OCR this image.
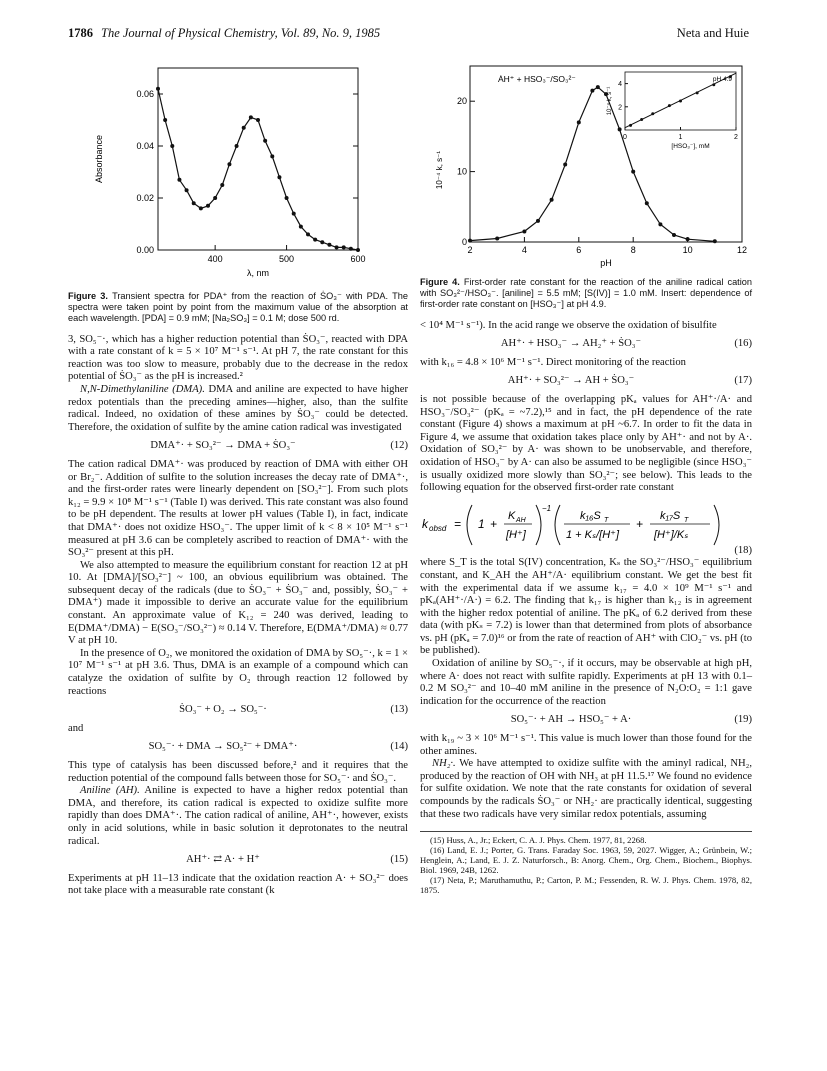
1786 The Journal of Physical Chemistry, Vol. 89, No. 9, 1985	Neta and Huie
400	500	600
0.00
0.02
0.04
0.06
λ, nm
Absorbance
Figure 3. Transient spectra for PDA⁺ from the reaction of ṠO₃⁻ with PDA. The spectra were taken point by point from the maximum value of the absorption at each wavelength. [PDA] = 0.9 mM; [Na₂SO₃] = 0.1 M; dose 500 rd.

3, SO₅⁻·, which has a higher reduction potential than ṠO₃⁻, reacted with DPA with a rate constant of k = 5 × 10⁷ M⁻¹ s⁻¹. At pH 7, the rate constant for this reaction was too slow to measure, probably due to the decrease in the redox potential of ṠO₃⁻ as the pH is increased.²

N,N-Dimethylaniline (DMA). DMA and aniline are expected to have higher redox potentials than the preceding amines—higher, also, than the sulfite radical. Indeed, no oxidation of these amines by ṠO₃⁻ could be detected. Therefore, the oxidation of sulfite by the amine cation radical was investigated

DMA⁺· + SO₃²⁻ → DMA + ṠO₃⁻	(12)

The cation radical DMA⁺· was produced by reaction of DMA with either OH or Br₂⁻. Addition of sulfite to the solution increases the decay rate of DMA⁺·, and the first-order rates were linearly dependent on [SO₃²⁻]. From such plots k₁₂ = 9.9 × 10⁸ M⁻¹ s⁻¹ (Table I) was derived. This rate constant was also found to be pH dependent. The results at lower pH values (Table I), in fact, indicate that DMA⁺· does not oxidize HSO₃⁻. The upper limit of k < 8 × 10⁵ M⁻¹ s⁻¹ measured at pH 3.6 can be completely ascribed to reaction of DMA⁺· with the SO₃²⁻ present at this pH.

We also attempted to measure the equilibrium constant for reaction 12 at pH 10. At [DMA]/[SO₃²⁻] ~ 100, an obvious equilibrium was obtained. The subsequent decay of the radicals (due to ṠO₃⁻ + ṠO₃⁻ and, possibly, ṠO₃⁻ + DMA⁺) made it impossible to derive an accurate value for the equilibrium constant. An approximate value of K₁₂ = 240 was derived, leading to E(DMA⁺/DMA) − E(SO₃⁻/SO₃²⁻) ≈ 0.14 V. Therefore, E(DMA⁺/DMA) ≈ 0.77 V at pH 10.

In the presence of O₂, we monitored the oxidation of DMA by SO₅⁻·, k = 1 × 10⁷ M⁻¹ s⁻¹ at pH 3.6. Thus, DMA is an example of a compound which can catalyze the oxidation of sulfite by O₂ through reaction 12 followed by reactions

ṠO₃⁻ + O₂ → SO₅⁻·	(13)

and

SO₅⁻· + DMA → SO₅²⁻ + DMA⁺·	(14)

This type of catalysis has been discussed before,² and it requires that the reduction potential of the compound falls between those for SO₅⁻· and ṠO₃⁻.

Aniline (AH). Aniline is expected to have a higher redox potential than DMA, and therefore, its cation radical is expected to oxidize sulfite more rapidly than does DMA⁺·. The cation radical of aniline, AH⁺·, however, exists only in acid solutions, while in basic solution it deprotonates to the neutral radical.

AH⁺· ⇄ A· + H⁺	(15)

Experiments at pH 11–13 indicate that the oxidation reaction A· + SO₃²⁻ does not take place with a measurable rate constant (k

2	4	6	8	10	12
0
10
20
pH
10⁻⁴ k, s⁻¹
ȦH⁺ + HSO₃⁻/SO₃²⁻
0	1	2
2
4
[HSO₃⁻], mM
10⁻⁴ k, s⁻¹
pH 4.9
Figure 4. First-order rate constant for the reaction of the aniline radical cation with SO₃²⁻/HSO₃⁻. [aniline] = 5.5 mM; [S(IV)] = 1.0 mM. Insert: dependence of first-order rate constant on [HSO₃⁻] at pH 4.9.

< 10⁴ M⁻¹ s⁻¹). In the acid range we observe the oxidation of bisulfite

AH⁺· + HSO₃⁻ → AH₂⁺ + ṠO₃⁻	(16)

with k₁₆ = 4.8 × 10⁶ M⁻¹ s⁻¹. Direct monitoring of the reaction

AH⁺· + SO₃²⁻ → AH + ṠO₃⁻	(17)

is not possible because of the overlapping pKₐ values for AH⁺·/A· and HSO₃⁻/SO₃²⁻ (pKₐ = ~7.2),¹⁵ and in fact, the pH dependence of the rate constant (Figure 4) shows a maximum at pH ~6.7. In order to fit the data in Figure 4, we assume that oxidation takes place only by AH⁺· and not by A·. Oxidation of SO₃²⁻ by A· was shown to be unobservable, and therefore, oxidation of HSO₃⁻ by A· can also be assumed to be negligible (since HSO₃⁻ is usually oxidized more slowly than SO₃²⁻; see below). This leads to the following equation for the observed first-order rate constant

k obsd = 1 +
K AH
[H⁺]
−1
k₁₆S T
1 + Kₛ/[H⁺]
+
k₁₇S T
[H⁺]/Kₛ
(18)

where S_T is the total S(IV) concentration, Kₛ the SO₃²⁻/HSO₃⁻ equilibrium constant, and K_AH the AH⁺/A· equilibrium constant. We get the best fit with the experimental data if we assume k₁₇ = 4.0 × 10⁹ M⁻¹ s⁻¹ and pKₐ(AH⁺·/A·) = 6.2. The finding that k₁₇ is higher than k₁₂ is in agreement with the higher redox potential of aniline. The pKₐ of 6.2 derived from these data (with pKₛ = 7.2) is lower than that determined from plots of absorbance vs. pH (pKₐ = 7.0)¹⁶ or from the rate of reaction of AH⁺ with ClO₂⁻ vs. pH (to be published).

Oxidation of aniline by SO₅⁻·, if it occurs, may be observable at high pH, where A· does not react with sulfite rapidly. Experiments at pH 13 with 0.1–0.2 M SO₃²⁻ and 10–40 mM aniline in the presence of N₂O:O₂ = 1:1 gave indication for the occurrence of the reaction

SO₅⁻· + AH → HSO₅⁻ + A·	(19)

with k₁₉ ~ 3 × 10⁶ M⁻¹ s⁻¹. This value is much lower than those found for the other amines.

NH₂·. We have attempted to oxidize sulfite with the aminyl radical, NH₂, produced by the reaction of OH with NH₃ at pH 11.5.¹⁷ We found no evidence for sulfite oxidation. We note that the rate constants for oxidation of several compounds by the radicals ṠO₃⁻ or NH₂· are practically identical, suggesting that these two radicals have very similar redox potentials, assuming

(15) Huss, A., Jr.; Eckert, C. A. J. Phys. Chem. 1977, 81, 2268.
(16) Land, E. J.; Porter, G. Trans. Faraday Soc. 1963, 59, 2027. Wigger, A.; Grünbein, W.; Henglein, A.; Land, E. J. Z. Naturforsch., B: Anorg. Chem., Org. Chem., Biochem., Biophys. Biol. 1969, 24B, 1262.
(17) Neta, P.; Maruthamuthu, P.; Carton, P. M.; Fessenden, R. W. J. Phys. Chem. 1978, 82, 1875.
